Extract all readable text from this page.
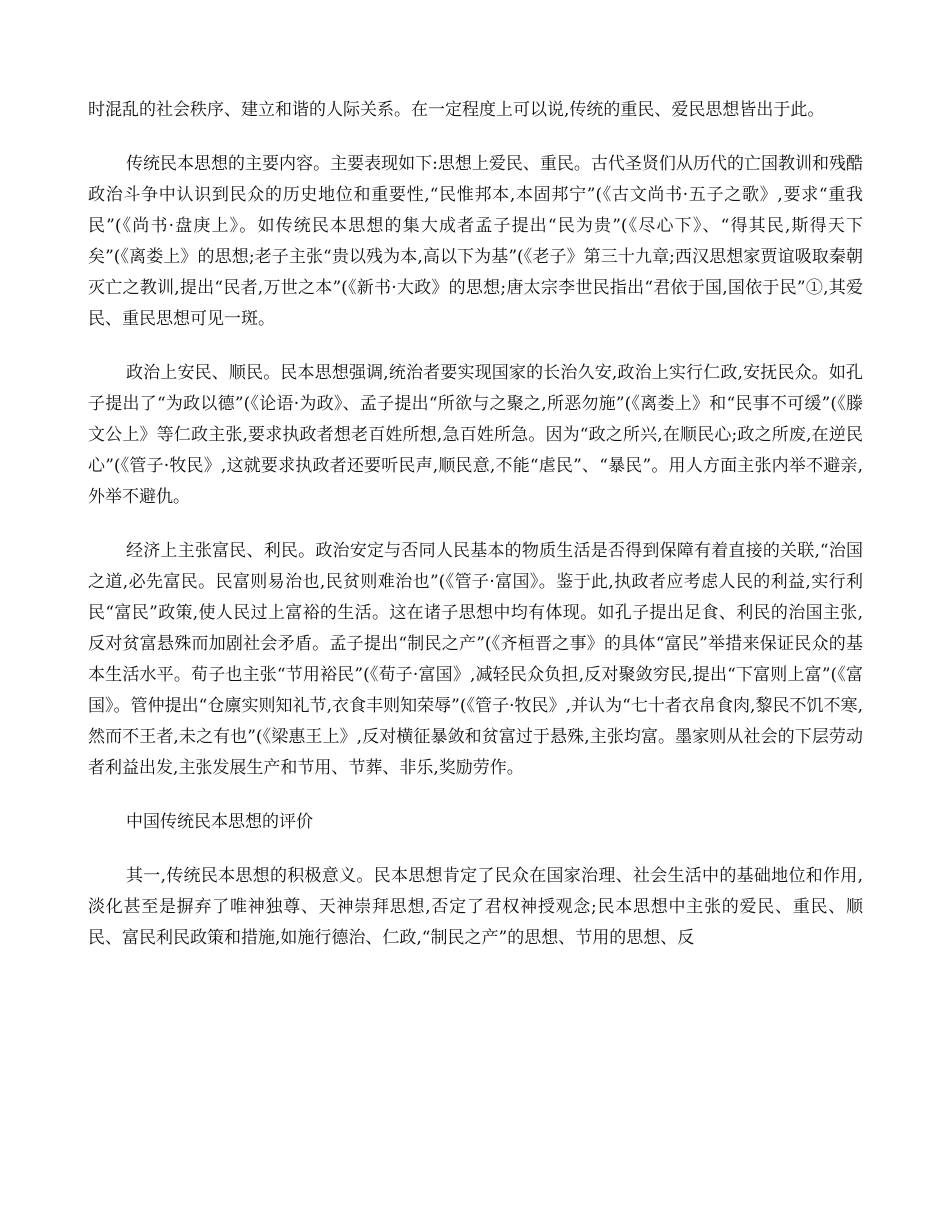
时混乱的社会秩序、建立和谐的人际关系。在一定程度上可以说,传统的重民、爱民思想皆出于此。

传统民本思想的主要内容。主要表现如下:思想上爱民、重民。古代圣贤们从历代的亡国教训和残酷政治斗争中认识到民众的历史地位和重要性,“民惟邦本,本固邦宁”(《古文尚书·五子之歌》,要求“重我民”(《尚书·盘庚上》。如传统民本思想的集大成者孟子提出“民为贵”(《尽心下》、“得其民,斯得天下矣”(《离娄上》的思想;老子主张“贵以残为本,高以下为基”(《老子》第三十九章;西汉思想家贾谊吸取秦朝灭亡之教训,提出“民者,万世之本”(《新书·大政》的思想;唐太宗李世民指出“君依于国,国依于民”①,其爱民、重民思想可见一斑。

政治上安民、顺民。民本思想强调,统治者要实现国家的长治久安,政治上实行仁政,安抚民众。如孔子提出了“为政以德”(《论语·为政》、孟子提出“所欲与之聚之,所恶勿施”(《离娄上》和“民事不可缓”(《滕文公上》等仁政主张,要求执政者想老百姓所想,急百姓所急。因为“政之所兴,在顺民心;政之所废,在逆民心”(《管子·牧民》,这就要求执政者还要听民声,顺民意,不能“虐民”、“暴民”。用人方面主张内举不避亲,外举不避仇。

经济上主张富民、利民。政治安定与否同人民基本的物质生活是否得到保障有着直接的关联,“治国之道,必先富民。民富则易治也,民贫则难治也”(《管子·富国》。鉴于此,执政者应考虑人民的利益,实行利民“富民”政策,使人民过上富裕的生活。这在诸子思想中均有体现。如孔子提出足食、利民的治国主张,反对贫富悬殊而加剧社会矛盾。孟子提出“制民之产”(《齐桓晋之事》的具体“富民”举措来保证民众的基本生活水平。荀子也主张“节用裕民”(《荀子·富国》,减轻民众负担,反对聚敛穷民,提出“下富则上富”(《富国》。管仲提出“仓廪实则知礼节,衣食丰则知荣辱”(《管子·牧民》,并认为“七十者衣帛食肉,黎民不饥不寒,然而不王者,未之有也”(《梁惠王上》,反对横征暴敛和贫富过于悬殊,主张均富。墨家则从社会的下层劳动者利益出发,主张发展生产和节用、节葬、非乐,奖励劳作。

中国传统民本思想的评价

其一,传统民本思想的积极意义。民本思想肯定了民众在国家治理、社会生活中的基础地位和作用,淡化甚至是摒弃了唯神独尊、天神崇拜思想,否定了君权神授观念;民本思想中主张的爱民、重民、顺民、富民利民政策和措施,如施行德治、仁政,“制民之产”的思想、节用的思想、反
